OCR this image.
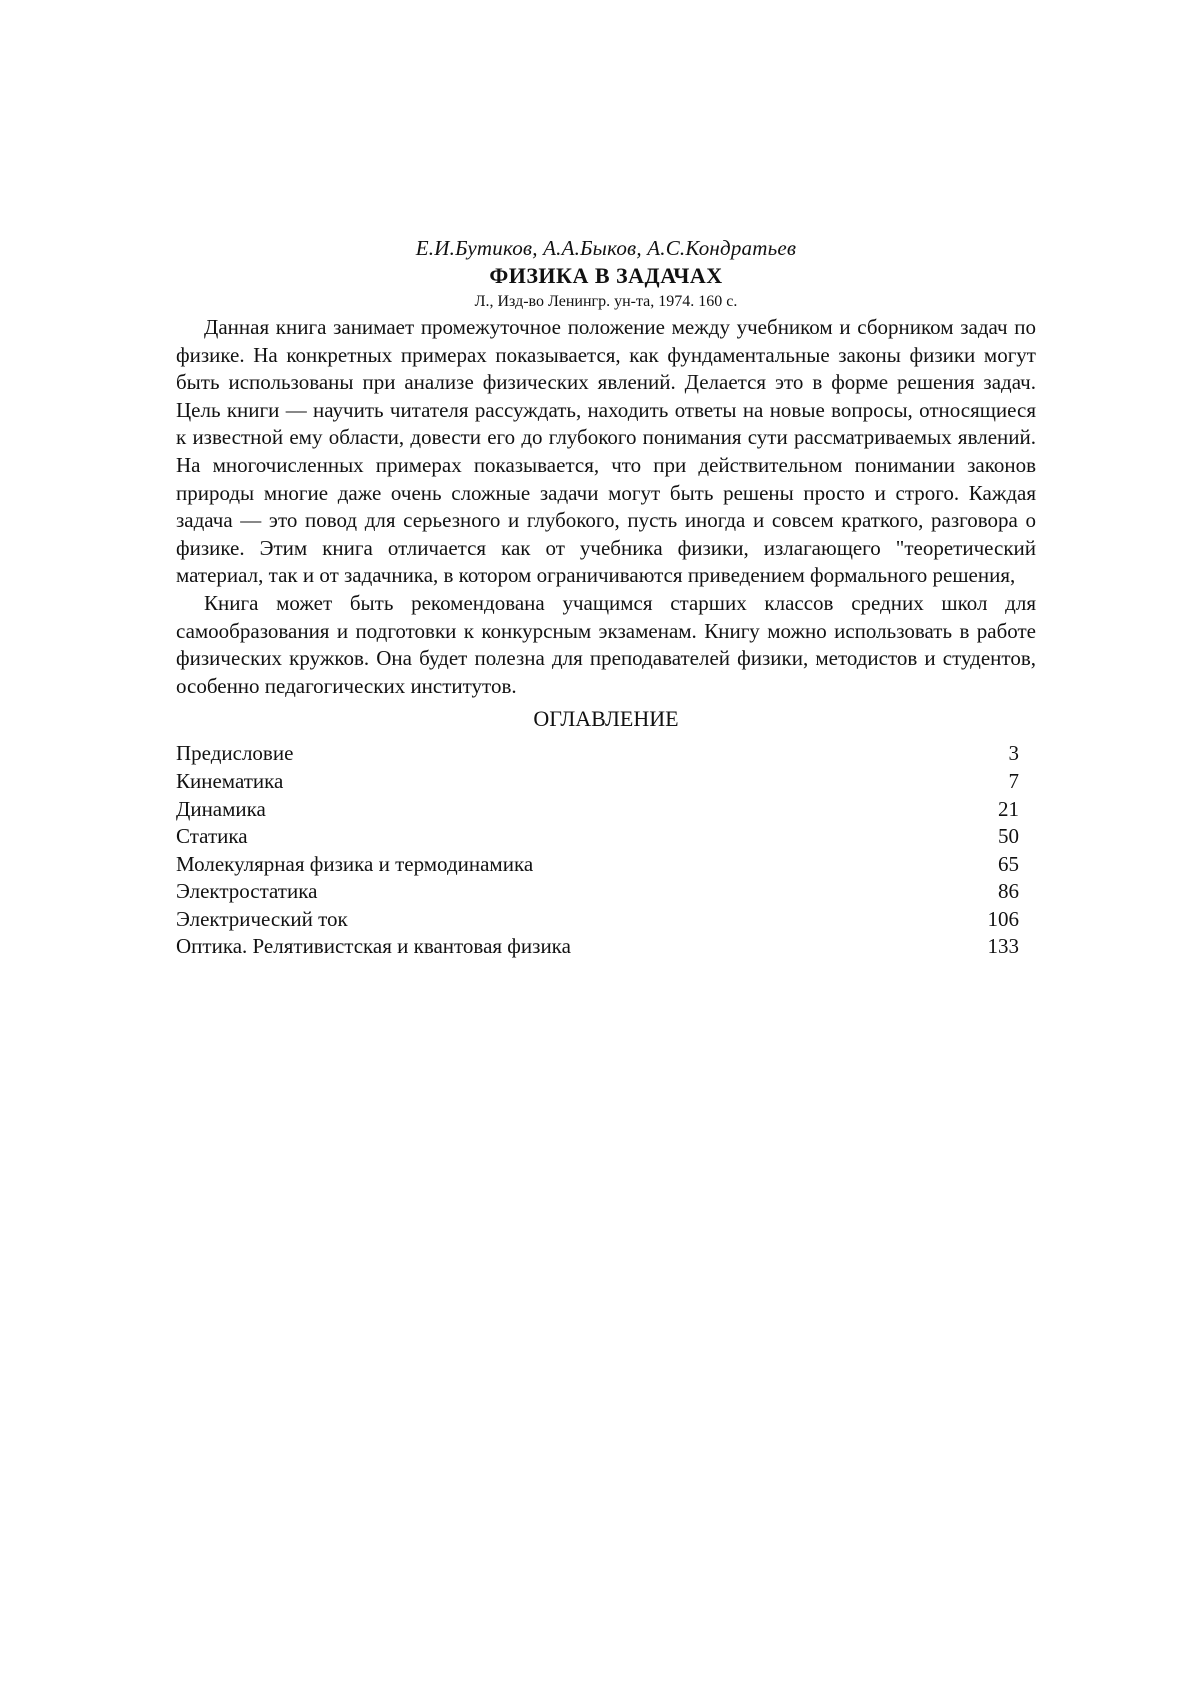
Е.И.Бутиков, А.А.Быков, А.С.Кондратьев
ФИЗИКА В ЗАДАЧАХ
Л., Изд-во Ленингр. ун-та, 1974. 160 с.

Данная книга занимает промежуточное положение между учебником и сборником задач по физике. На конкретных примерах показывается, как фундаментальные законы физики могут быть использованы при анализе физических явлений. Делается это в форме решения задач. Цель книги — научить читателя рассуждать, находить ответы на новые вопросы, относящиеся к известной ему области, довести его до глубокого понимания сути рассматриваемых явлений. На многочисленных примерах показывается, что при действительном понимании законов природы многие даже очень сложные задачи могут быть решены просто и строго. Каждая задача — это повод для серьезного и глубокого, пусть иногда и совсем краткого, разговора о физике. Этим книга отличается как от учебника физики, излагающего "теоретический материал, так и от задачника, в котором ограничиваются приведением формального решения,

Книга может быть рекомендована учащимся старших классов средних школ для самообразования и подготовки к конкурсным экзаменам. Книгу можно использовать в работе физических кружков. Она будет полезна для преподавателей физики, методистов и студентов, особенно педагогических институтов.

ОГЛАВЛЕНИЕ
Предисловие	3
Кинематика	7
Динамика	21
Статика	50
Молекулярная физика и термодинамика	65
Электростатика	86
Электрический ток	106
Оптика. Релятивистская и квантовая физика	133
